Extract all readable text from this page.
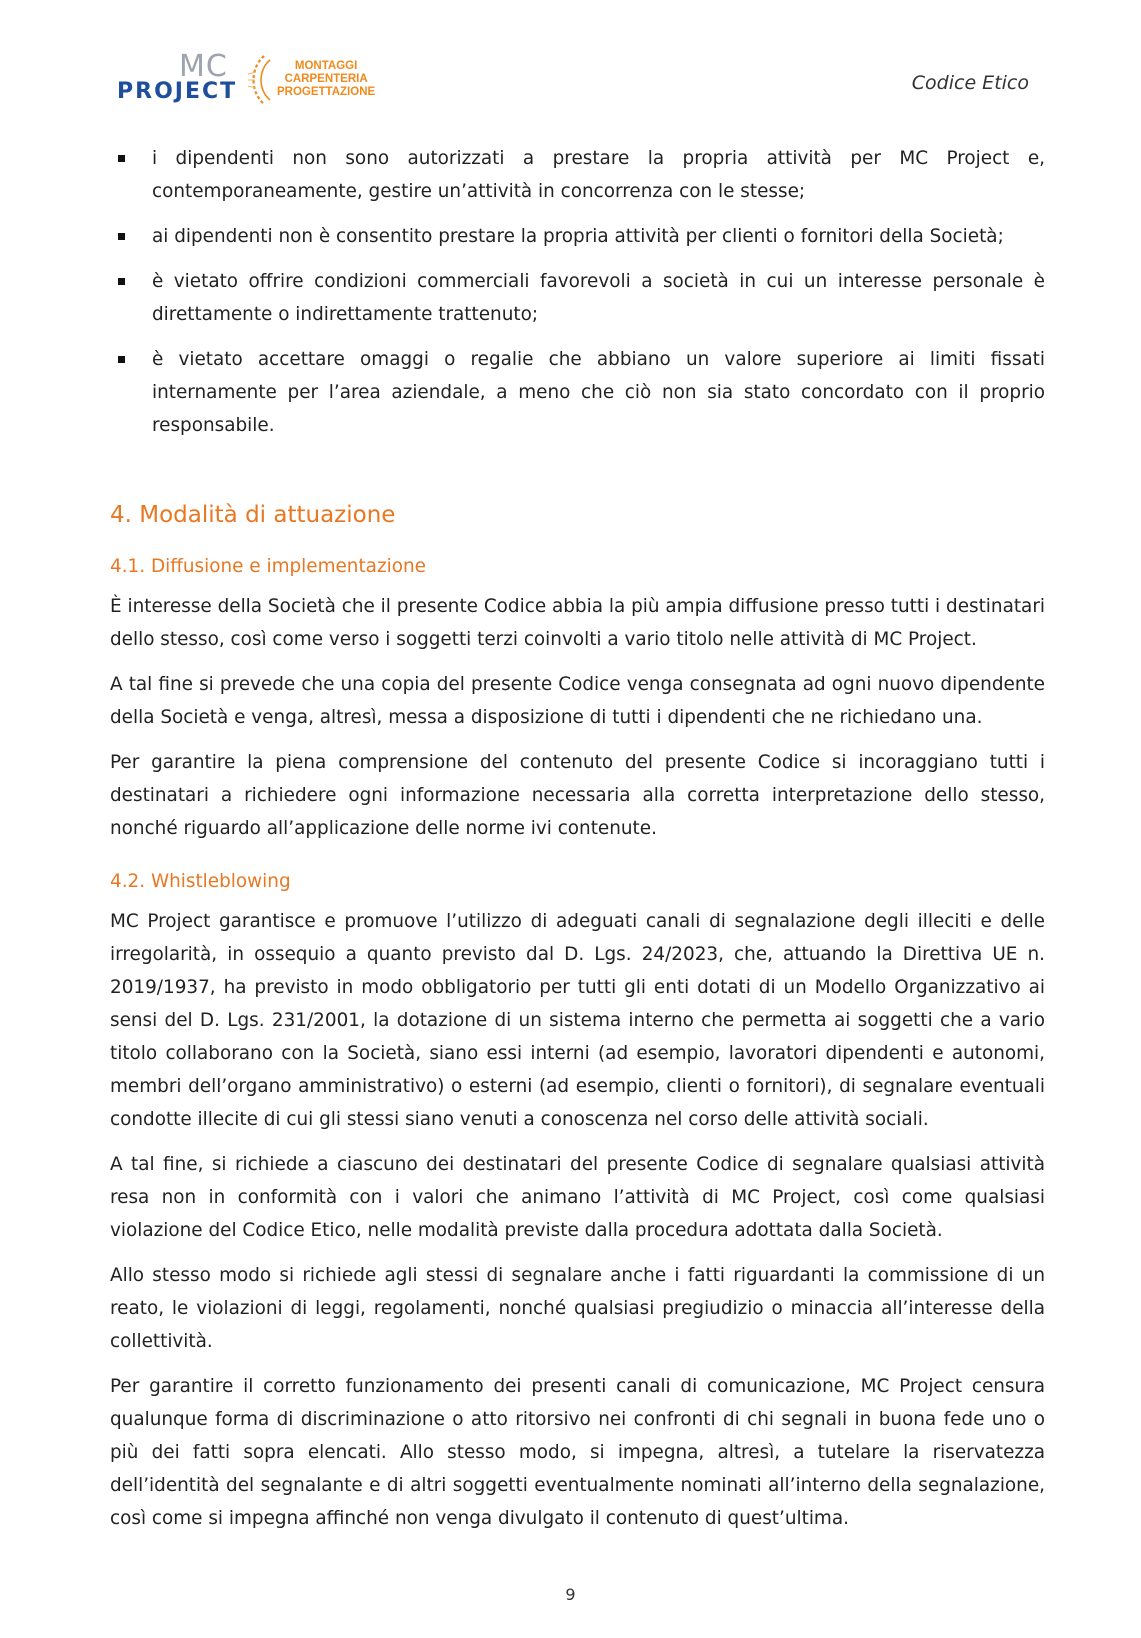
MC
PROJECT
MONTAGGI
CARPENTERIA
PROGETTAZIONE	Codice Etico
i dipendenti non sono autorizzati a prestare la propria attività per MC Project e, contemporaneamente, gestire un’attività in concorrenza con le stesse;
ai dipendenti non è consentito prestare la propria attività per clienti o fornitori della Società;
è vietato offrire condizioni commerciali favorevoli a società in cui un interesse personale è direttamente o indirettamente trattenuto;
è vietato accettare omaggi o regalie che abbiano un valore superiore ai limiti fissati internamente per l’area aziendale, a meno che ciò non sia stato concordato con il proprio responsabile.
4. Modalità di attuazione
4.1. Diffusione e implementazione

È interesse della Società che il presente Codice abbia la più ampia diffusione presso tutti i destinatari dello stesso, così come verso i soggetti terzi coinvolti a vario titolo nelle attività di MC Project.

A tal fine si prevede che una copia del presente Codice venga consegnata ad ogni nuovo dipendente della Società e venga, altresì, messa a disposizione di tutti i dipendenti che ne richiedano una.

Per garantire la piena comprensione del contenuto del presente Codice si incoraggiano tutti i destinatari a richiedere ogni informazione necessaria alla corretta interpretazione dello stesso, nonché riguardo all’applicazione delle norme ivi contenute.

4.2. Whistleblowing

MC Project garantisce e promuove l’utilizzo di adeguati canali di segnalazione degli illeciti e delle irregolarità, in ossequio a quanto previsto dal D. Lgs. 24/2023, che, attuando la Direttiva UE n. 2019/1937, ha previsto in modo obbligatorio per tutti gli enti dotati di un Modello Organizzativo ai sensi del D. Lgs. 231/2001, la dotazione di un sistema interno che permetta ai soggetti che a vario titolo collaborano con la Società, siano essi interni (ad esempio, lavoratori dipendenti e autonomi, membri dell’organo amministrativo) o esterni (ad esempio, clienti o fornitori), di segnalare eventuali condotte illecite di cui gli stessi siano venuti a conoscenza nel corso delle attività sociali.

A tal fine, si richiede a ciascuno dei destinatari del presente Codice di segnalare qualsiasi attività resa non in conformità con i valori che animano l’attività di MC Project, così come qualsiasi violazione del Codice Etico, nelle modalità previste dalla procedura adottata dalla Società.

Allo stesso modo si richiede agli stessi di segnalare anche i fatti riguardanti la commissione di un reato, le violazioni di leggi, regolamenti, nonché qualsiasi pregiudizio o minaccia all’interesse della collettività.

Per garantire il corretto funzionamento dei presenti canali di comunicazione, MC Project censura qualunque forma di discriminazione o atto ritorsivo nei confronti di chi segnali in buona fede uno o più dei fatti sopra elencati. Allo stesso modo, si impegna, altresì, a tutelare la riservatezza dell’identità del segnalante e di altri soggetti eventualmente nominati all’interno della segnalazione, così come si impegna affinché non venga divulgato il contenuto di quest’ultima.

9
